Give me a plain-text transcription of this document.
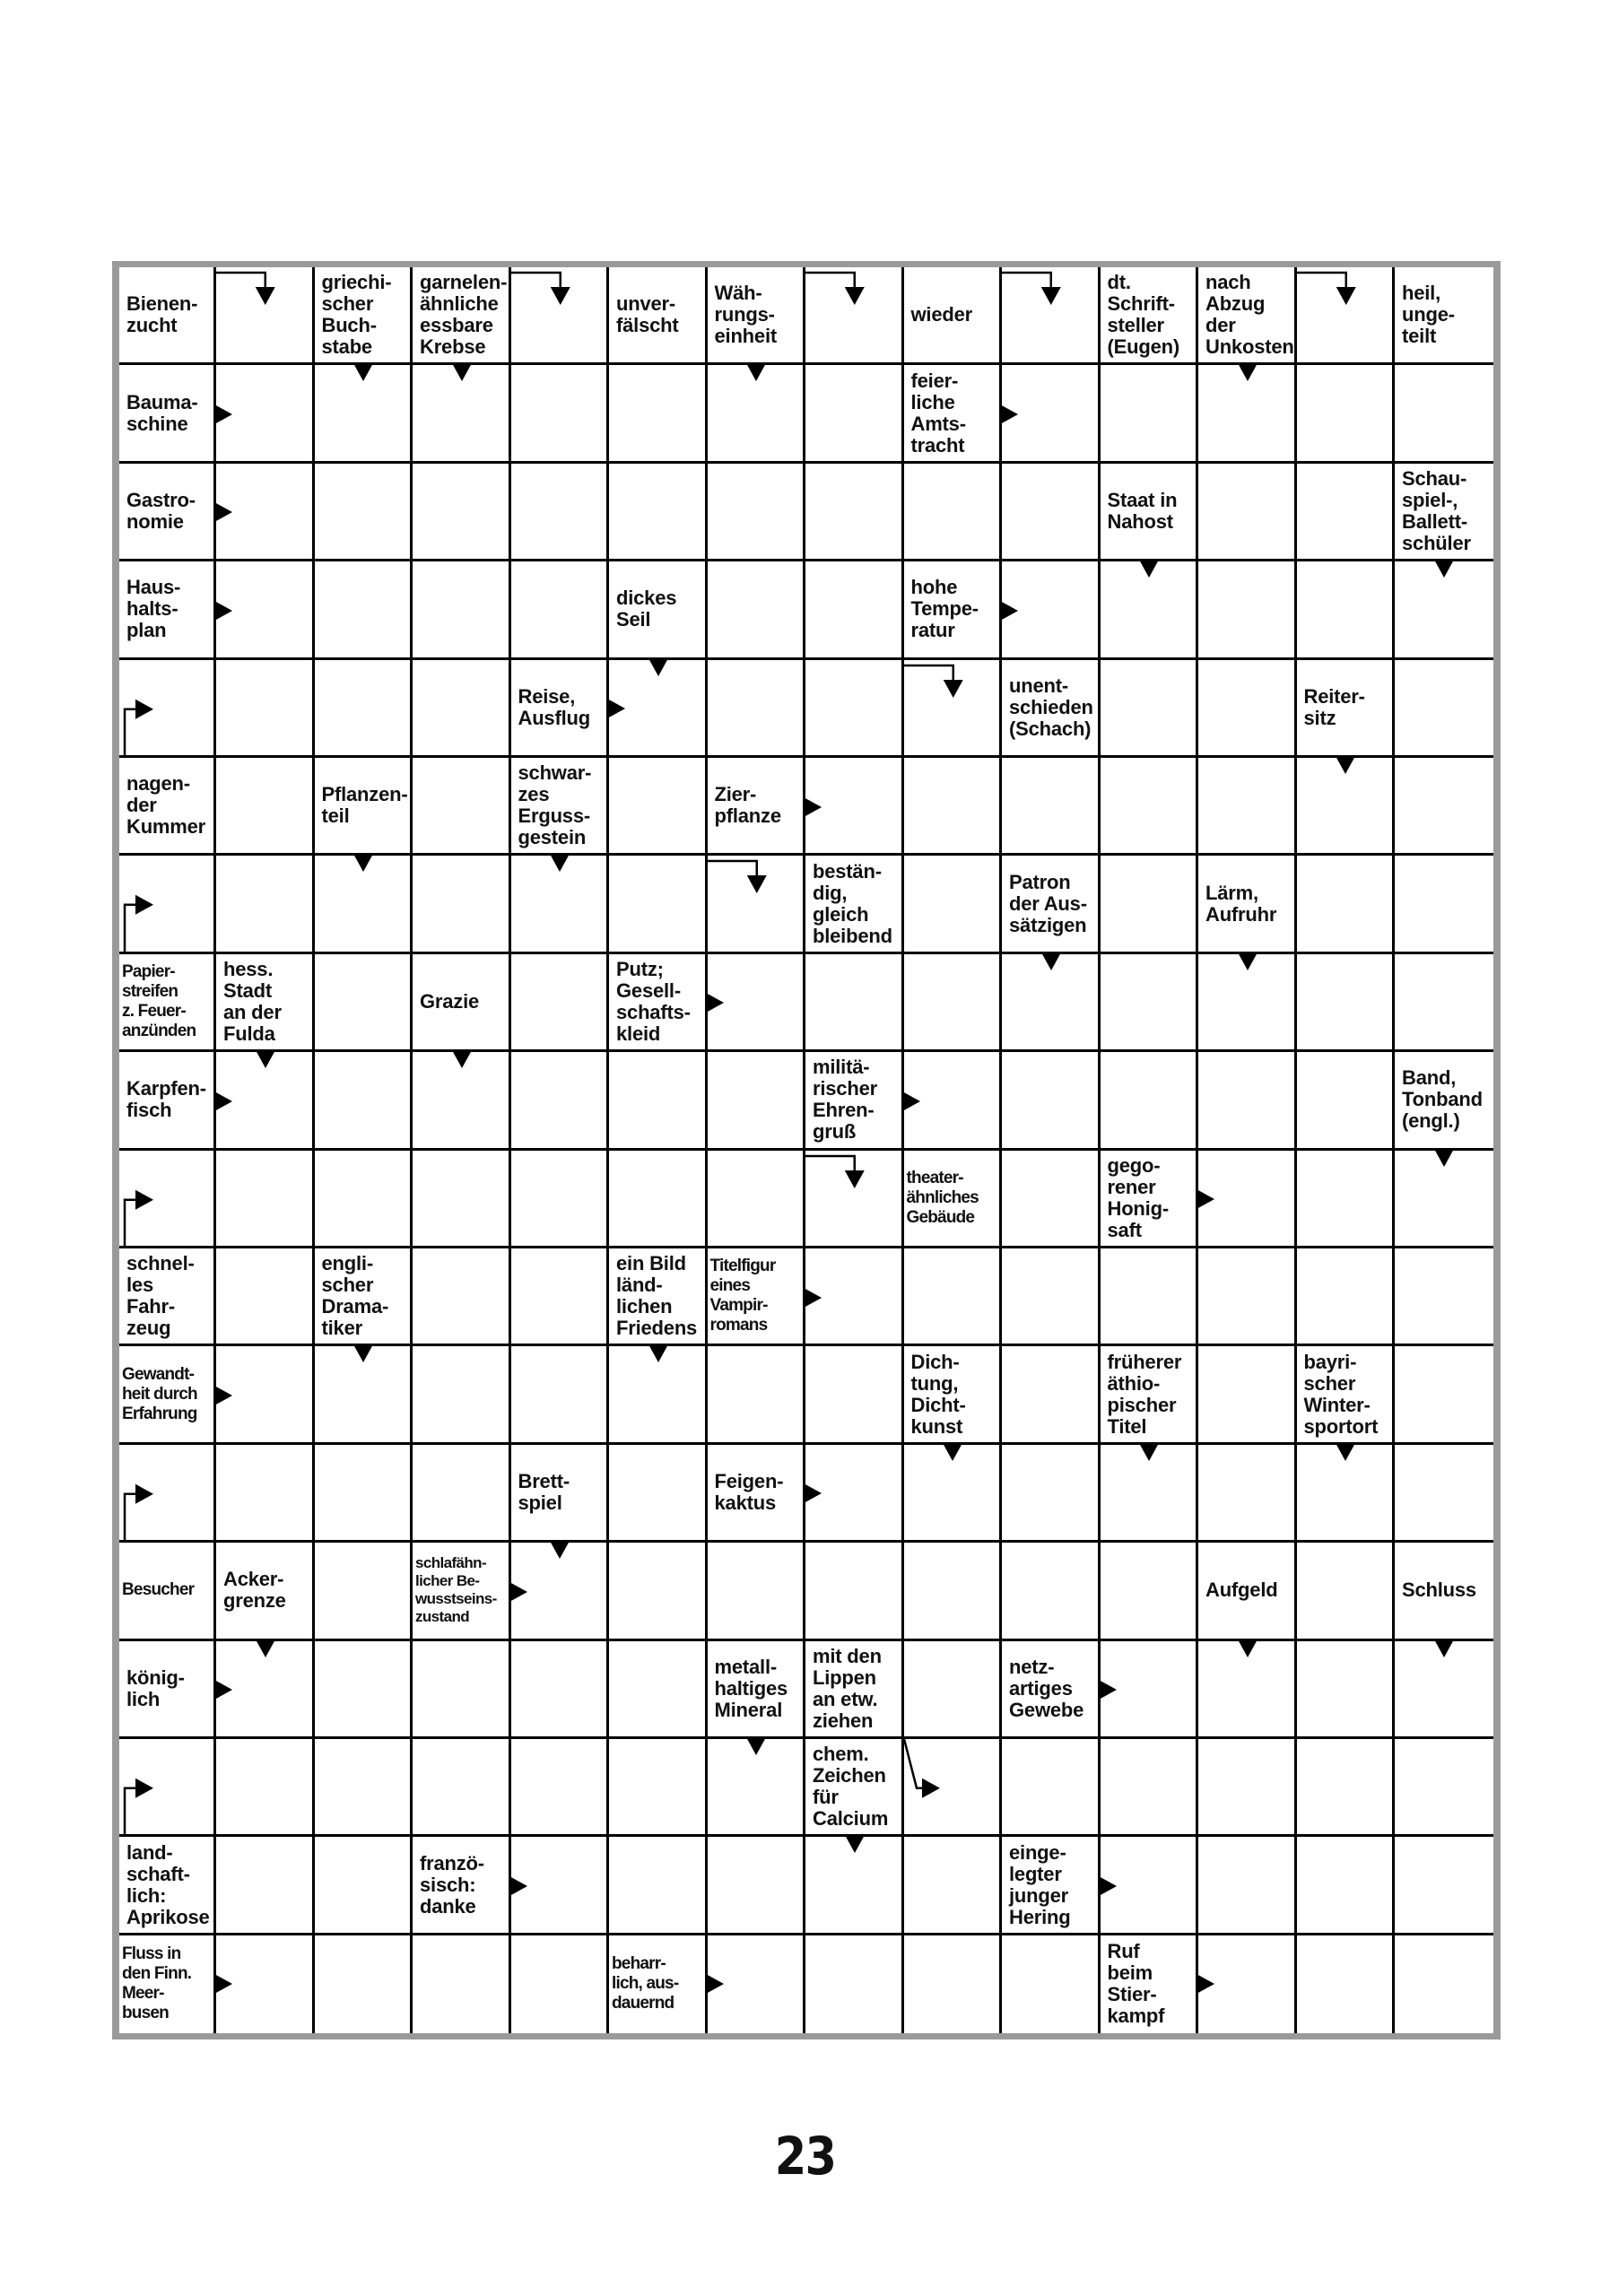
Bienen-
zucht
griechi-
scher
Buch-
stabe
garnelen-
ähnliche
essbare
Krebse
unver-
fälscht
Wäh-
rungs-
einheit
wieder
dt.
Schrift-
steller
(Eugen)
nach
Abzug
der
Unkosten
heil,
unge-
teilt
Bauma-
schine
feier-
liche
Amts-
tracht
Gastro-
nomie
Staat in
Nahost
Schau-
spiel-,
Ballett-
schüler
Haus-
halts-
plan
dickes
Seil
hohe
Tempe-
ratur
Reise,
Ausflug
unent-
schieden
(Schach)
Reiter-
sitz
nagen-
der
Kummer
Pflanzen-
teil
schwar-
zes
Erguss-
gestein
Zier-
pflanze
bestän-
dig,
gleich
bleibend
Patron
der Aus-
sätzigen
Lärm,
Aufruhr
Papier-
streifen
z. Feuer-
anzünden
hess.
Stadt
an der
Fulda
Grazie
Putz;
Gesell-
schafts-
kleid
Karpfen-
fisch
militä-
rischer
Ehren-
gruß
Band,
Tonband
(engl.)
theater-
ähnliches
Gebäude
gego-
rener
Honig-
saft
schnel-
les
Fahr-
zeug
engli-
scher
Drama-
tiker
ein Bild
länd-
lichen
Friedens
Titelfigur
eines
Vampir-
romans
Gewandt-
heit durch
Erfahrung
Dich-
tung,
Dicht-
kunst
früherer
äthio-
pischer
Titel
bayri-
scher
Winter-
sportort
Brett-
spiel
Feigen-
kaktus
Besucher	Acker-
grenze
schlafähn-
licher Be-
wusstseins-
zustand
Aufgeld	Schluss
könig-
lich
metall-
haltiges
Mineral
mit den
Lippen
an etw.
ziehen
netz-
artiges
Gewebe
chem.
Zeichen
für
Calcium
land-
schaft-
lich:
Aprikose
franzö-
sisch:
danke
einge-
legter
junger
Hering
Fluss in
den Finn.
Meer-
busen
beharr-
lich, aus-
dauernd
Ruf
beim
Stier-
kampf
23
